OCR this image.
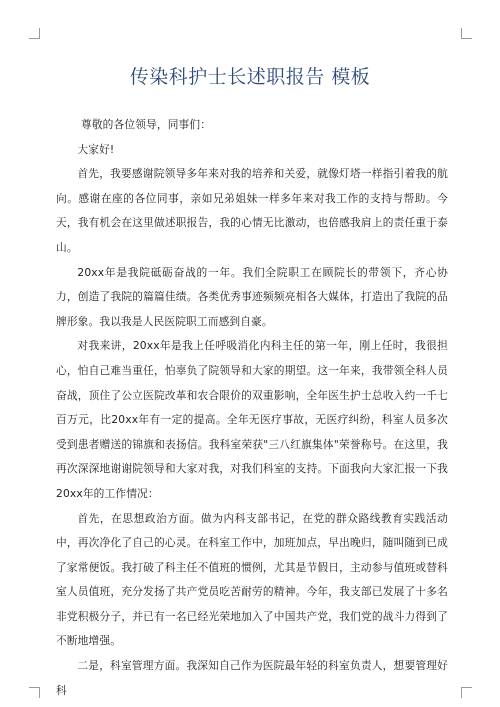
传染科护士长述职报告 模板

尊敬的各位领导，同事们：

大家好!

首先，我要感谢院领导多年来对我的培养和关爱，就像灯塔一样指引着我的航向。感谢在座的各位同事，亲如兄弟姐妹一样多年来对我工作的支持与帮助。今天，我有机会在这里做述职报告，我的心情无比激动，也倍感我肩上的责任重于泰山。

20xx年是我院砥砺奋战的一年。我们全院职工在顾院长的带领下，齐心协力，创造了我院的篇篇佳绩。各类优秀事迹频频亮相各大媒体，打造出了我院的品牌形象。我以我是人民医院职工而感到自豪。

对我来讲，20xx年是我上任呼吸消化内科主任的第一年，刚上任时，我很担心，怕自己难当重任，怕辜负了院领导和大家的期望。这一年来，我带领全科人员奋战，顶住了公立医院改革和农合限价的双重影响，全年医生护士总收入约一千七百万元，比20xx年有一定的提高。全年无医疗事故，无医疗纠纷，科室人员多次受到患者赠送的锦旗和表扬信。我科室荣获"三八红旗集体"荣誉称号。在这里，我再次深深地谢谢院领导和大家对我，对我们科室的支持。下面我向大家汇报一下我20xx年的工作情况：

首先，在思想政治方面。做为内科支部书记，在党的群众路线教育实践活动中，再次净化了自己的心灵。在科室工作中，加班加点，早出晚归，随叫随到已成了家常便饭。我打破了科主任不值班的惯例，尤其是节假日，主动参与值班或替科室人员值班，充分发扬了共产党员吃苦耐劳的精神。今年，我支部已发展了十多名非党积极分子，并已有一名已经光荣地加入了中国共产党，我们党的战斗力得到了不断地增强。

二是，科室管理方面。我深知自己作为医院最年轻的科室负责人，想要管理好科
